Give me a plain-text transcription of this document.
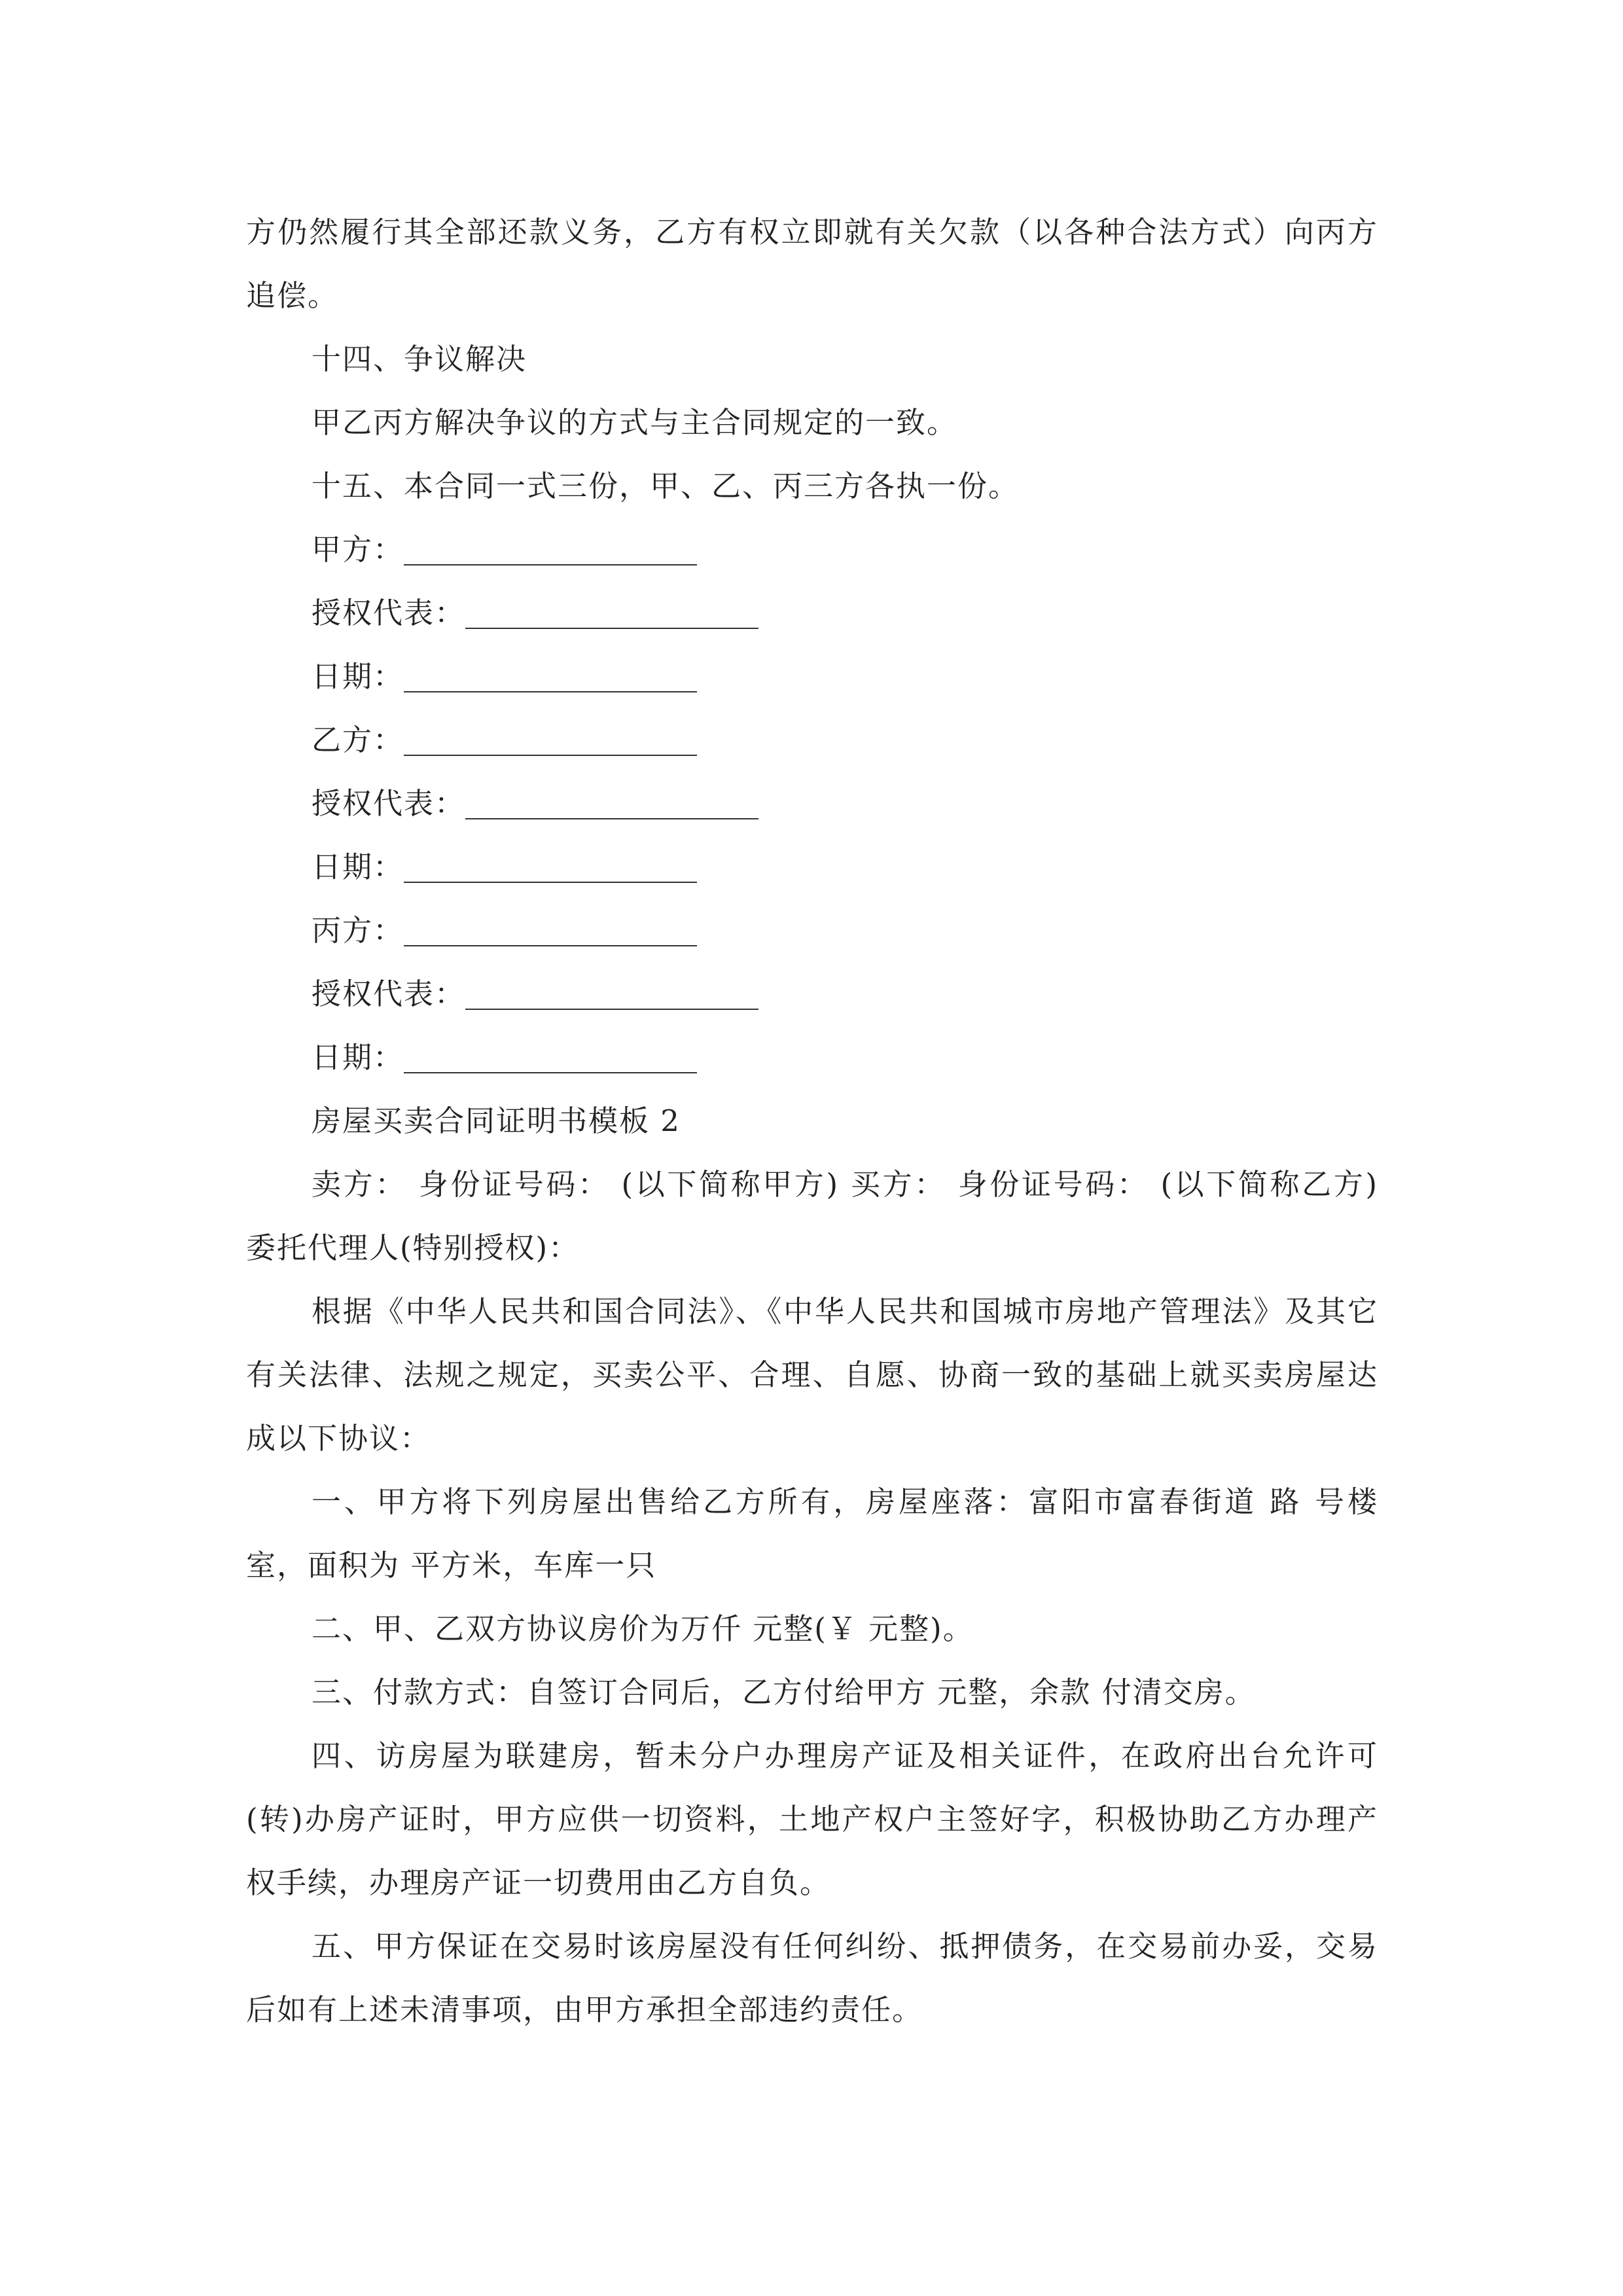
方仍然履行其全部还款义务，乙方有权立即就有关欠款（以各种合法方式）向丙方追偿。

十四、争议解决

甲乙丙方解决争议的方式与主合同规定的一致。

十五、本合同一式三份，甲、乙、丙三方各执一份。

甲方：
授权代表：
日期：
乙方：
授权代表：
日期：
丙方：
授权代表：
日期：

房屋买卖合同证明书模板 2

卖方： 身份证号码： (以下简称甲方) 买方： 身份证号码： (以下简称乙方) 委托代理人(特别授权)：

根据《中华人民共和国合同法》、《中华人民共和国城市房地产管理法》及其它有关法律、法规之规定，买卖公平、合理、自愿、协商一致的基础上就买卖房屋达成以下协议：

一、甲方将下列房屋出售给乙方所有，房屋座落：富阳市富春街道 路 号楼 室，面积为 平方米，车库一只

二、甲、乙双方协议房价为万仟 元整(￥ 元整)。

三、付款方式：自签订合同后，乙方付给甲方 元整，余款 付清交房。

四、访房屋为联建房，暂未分户办理房产证及相关证件，在政府出台允许可(转)办房产证时，甲方应供一切资料，土地产权户主签好字，积极协助乙方办理产权手续，办理房产证一切费用由乙方自负。

五、甲方保证在交易时该房屋没有任何纠纷、抵押债务，在交易前办妥，交易后如有上述未清事项，由甲方承担全部违约责任。
